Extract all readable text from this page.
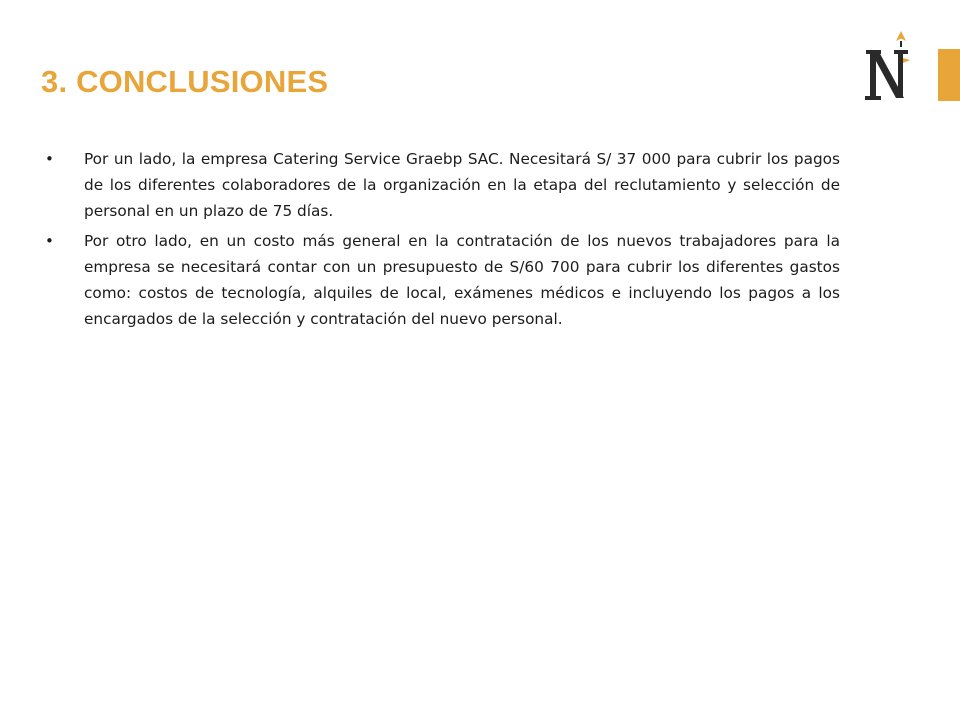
3. CONCLUSIONES
• Por un lado, la empresa Catering Service Graebp SAC. Necesitará S/ 37 000 para cubrir los pagos de los diferentes colaboradores de la organización en la etapa del reclutamiento y selección de personal en un plazo de 75 días.
• Por otro lado, en un costo más general en la contratación de los nuevos trabajadores para la empresa se necesitará contar con un presupuesto de S/60 700 para cubrir los diferentes gastos como: costos de tecnología, alquiles de local, exámenes médicos e incluyendo los pagos a los encargados de la selección y contratación del nuevo personal.
